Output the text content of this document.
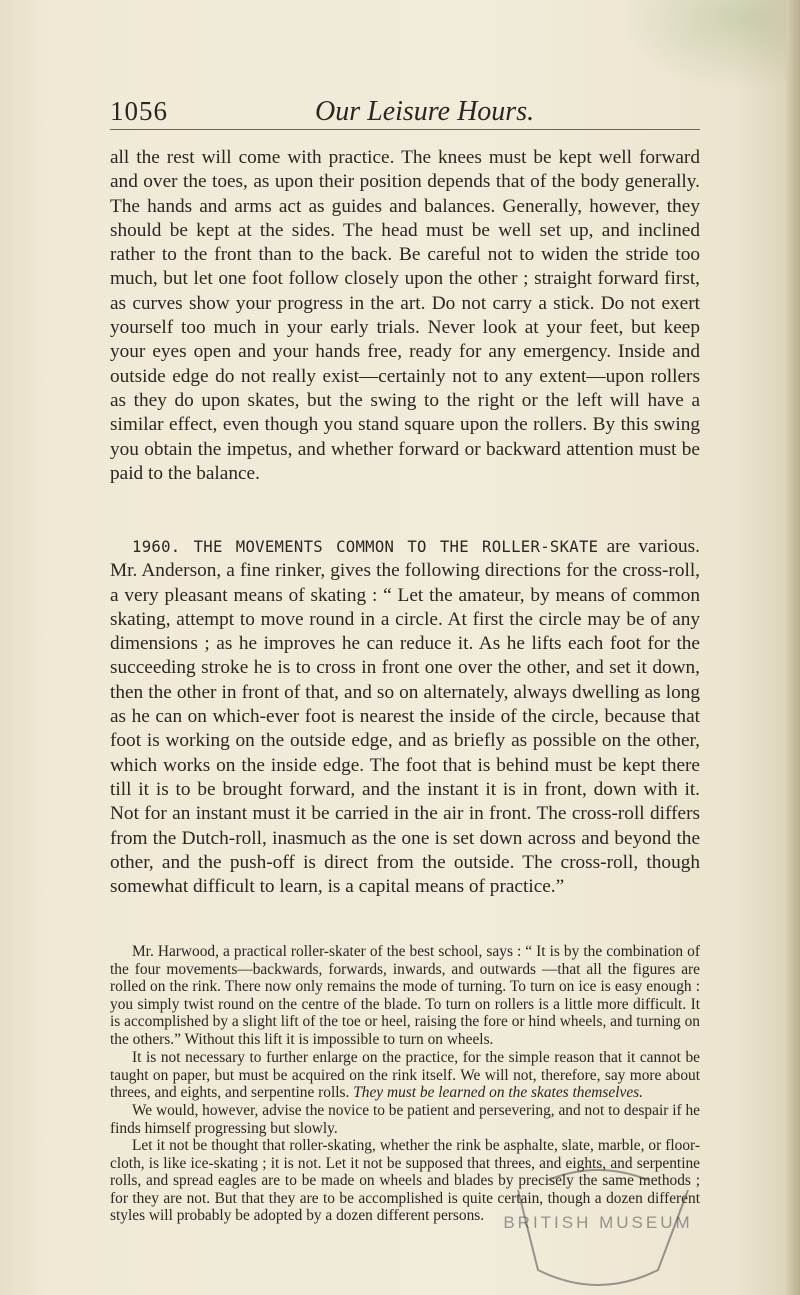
1056	Our Leisure Hours.

all the rest will come with practice. The knees must be kept well forward and over the toes, as upon their position depends that of the body generally. The hands and arms act as guides and balances. Generally, however, they should be kept at the sides. The head must be well set up, and inclined rather to the front than to the back. Be careful not to widen the stride too much, but let one foot follow closely upon the other ; straight forward first, as curves show your progress in the art. Do not carry a stick. Do not exert yourself too much in your early trials. Never look at your feet, but keep your eyes open and your hands free, ready for any emergency. Inside and outside edge do not really exist—certainly not to any extent—upon rollers as they do upon skates, but the swing to the right or the left will have a similar effect, even though you stand square upon the rollers. By this swing you obtain the impetus, and whether forward or backward attention must be paid to the balance.

1960. THE MOVEMENTS COMMON TO THE ROLLER-SKATE are various. Mr. Anderson, a fine rinker, gives the following directions for the cross-roll, a very pleasant means of skating : “ Let the amateur, by means of common skating, attempt to move round in a circle. At first the circle may be of any dimensions ; as he improves he can reduce it. As he lifts each foot for the succeeding stroke he is to cross in front one over the other, and set it down, then the other in front of that, and so on alternately, always dwelling as long as he can on which-ever foot is nearest the inside of the circle, because that foot is working on the outside edge, and as briefly as possible on the other, which works on the inside edge. The foot that is behind must be kept there till it is to be brought forward, and the instant it is in front, down with it. Not for an instant must it be carried in the air in front. The cross-roll differs from the Dutch-roll, inasmuch as the one is set down across and beyond the other, and the push-off is direct from the outside. The cross-roll, though somewhat difficult to learn, is a capital means of practice.”

Mr. Harwood, a practical roller-skater of the best school, says : “ It is by the combination of the four movements—backwards, forwards, inwards, and outwards —that all the figures are rolled on the rink. There now only remains the mode of turning. To turn on ice is easy enough : you simply twist round on the centre of the blade. To turn on rollers is a little more difficult. It is accomplished by a slight lift of the toe or heel, raising the fore or hind wheels, and turning on the others.” Without this lift it is impossible to turn on wheels.

It is not necessary to further enlarge on the practice, for the simple reason that it cannot be taught on paper, but must be acquired on the rink itself. We will not, therefore, say more about threes, and eights, and serpentine rolls. They must be learned on the skates themselves.

We would, however, advise the novice to be patient and persevering, and not to despair if he finds himself progressing but slowly.

Let it not be thought that roller-skating, whether the rink be asphalte, slate, marble, or floor-cloth, is like ice-skating ; it is not. Let it not be supposed that threes, and eights, and serpentine rolls, and spread eagles are to be made on wheels and blades by precisely the same methods ; for they are not. But that they are to be accomplished is quite certain, though a dozen different styles will probably be adopted by a dozen different persons.	BRITISH MUSEUM
